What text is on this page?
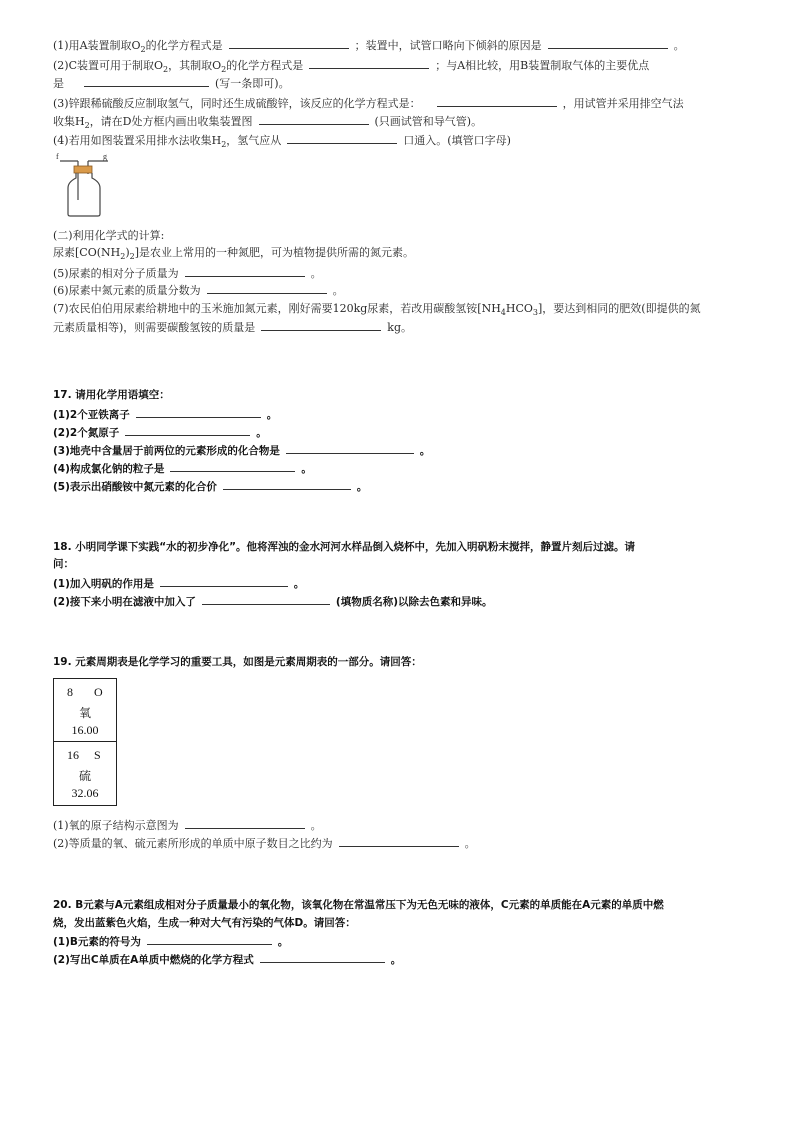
(1)用A装置制取$O_2$的化学方程式是	；装置中，试管口略向下倾斜的原因是	。
(2)C装置可用于制取$O_2$，其制取$O_2$的化学方程式是	；与A相比较，用B装置制取气体的主要优点
是	(写一条即可)。
(3)锌跟稀硫酸反应制取氢气，同时还生成硫酸锌，该反应的化学方程式是：	，用试管并采用排空气法
收集$H_2$，请在D处方框内画出收集装置图	(只画试管和导气管)。
(4)若用如图装置采用排水法收集$H_2$，氢气应从	口通入。(填管口字母)
f	g
(二)利用化学式的计算:
尿素$[CO(NH_2)_2]$是农业上常用的一种氮肥，可为植物提供所需的氮元素。
(5)尿素的相对分子质量为	。
(6)尿素中氮元素的质量分数为	。
(7)农民伯伯用尿素给耕地中的玉米施加氮元素，刚好需要120kg尿素，若改用碳酸氢铵$[NH_4HCO_3]$，要达到相同的肥效(即提供的氮
元素质量相等)，则需要碳酸氢铵的质量是	kg。
17. 请用化学用语填空：
(1)2个亚铁离子	。
(2)2个氮原子	。
(3)地壳中含量居于前两位的元素形成的化合物是	。
(4)构成氯化钠的粒子是	。
(5)表示出硝酸铵中氮元素的化合价	。
18. 小明同学课下实践“水的初步净化”。他将浑浊的金水河河水样品倒入烧杯中，先加入明矾粉末搅拌，静置片刻后过滤。请
问：
(1)加入明矾的作用是	。
(2)接下来小明在滤液中加入了	(填物质名称)以除去色素和异味。
19. 元素周期表是化学学习的重要工具，如图是元素周期表的一部分。请回答：
8 O
氧
16.00
16 S
硫
32.06
(1)氧的原子结构示意图为	。
(2)等质量的氧、硫元素所形成的单质中原子数目之比约为	。
20. B元素与A元素组成相对分子质量最小的氧化物，该氧化物在常温常压下为无色无味的液体，C元素的单质能在A元素的单质中燃
烧，发出蓝紫色火焰，生成一种对大气有污染的气体D。请回答：
(1)B元素的符号为	。
(2)写出C单质在A单质中燃烧的化学方程式	。
